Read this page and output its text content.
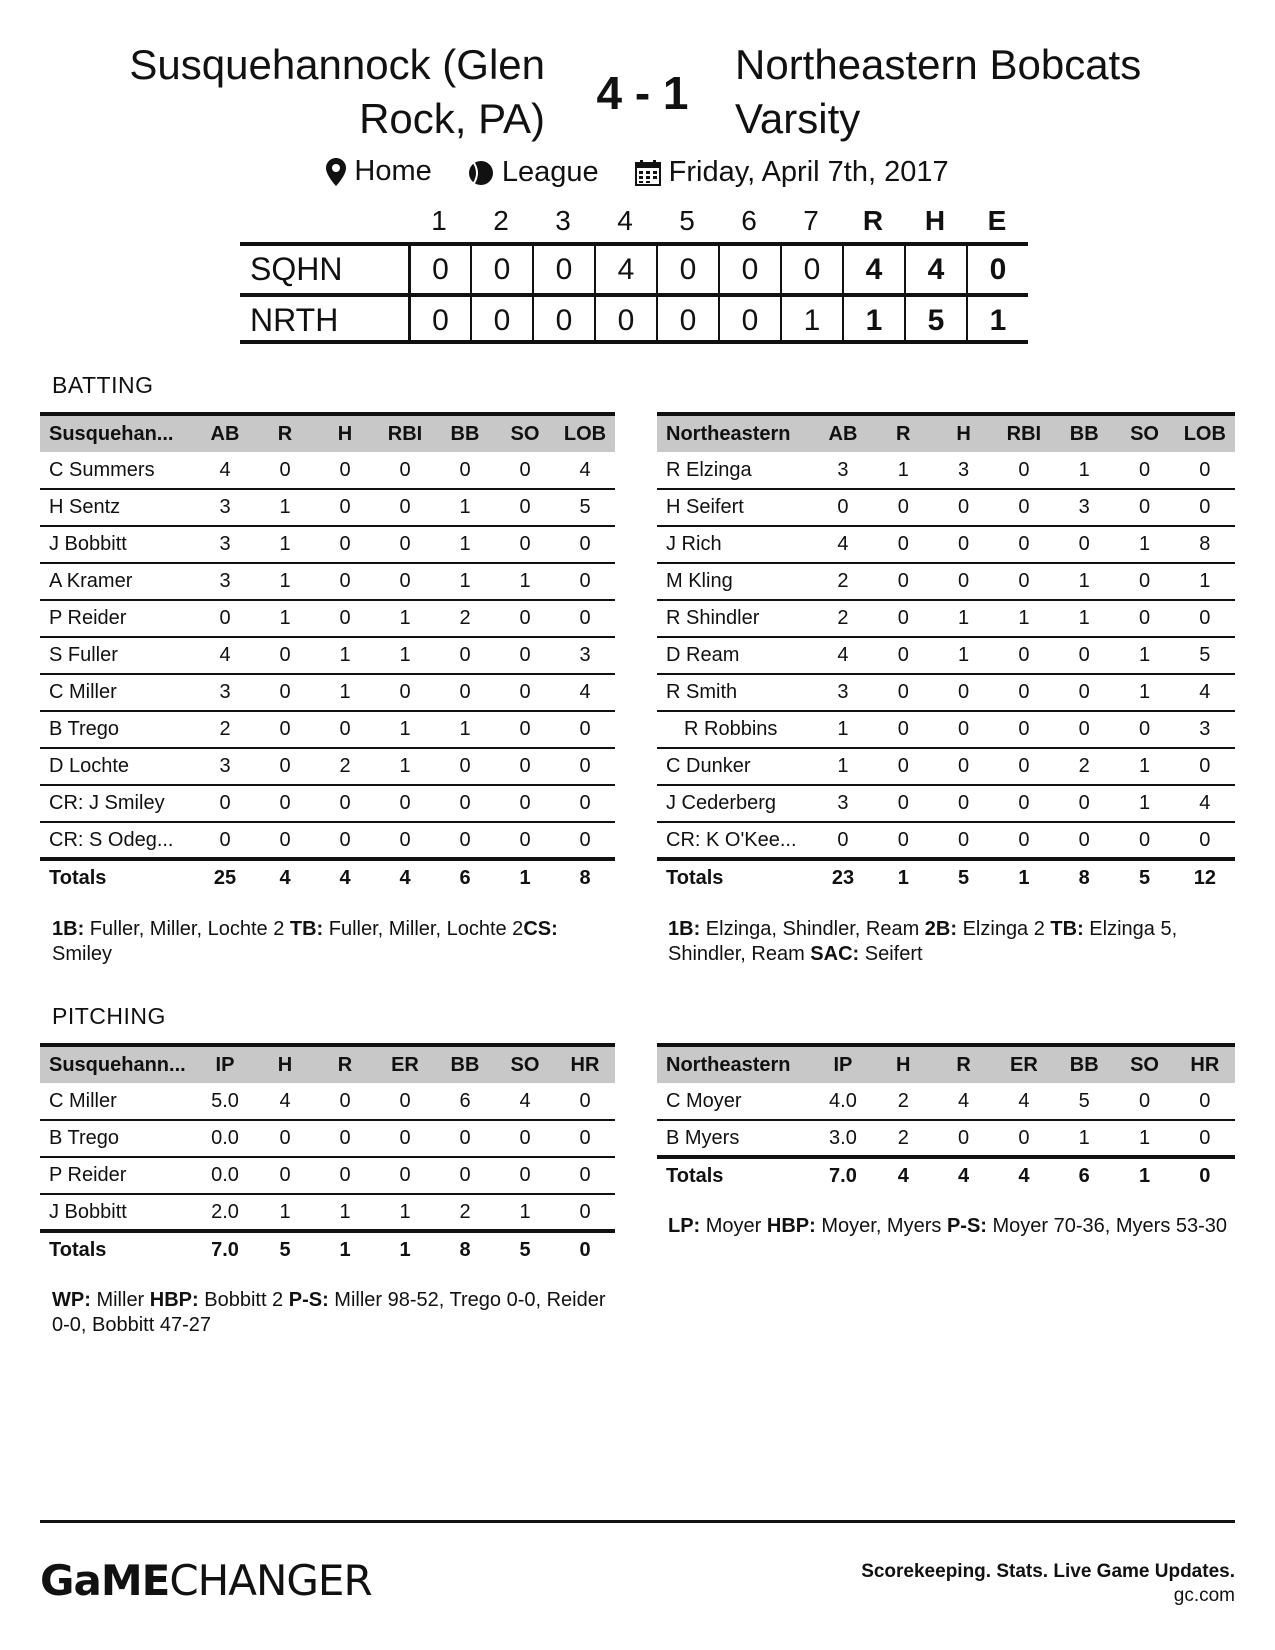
Susquehannock (Glen
Rock, PA)	4 - 1
Northeastern Bobcats
Varsity
Home
League
Friday, April 7th, 2017
1	2	3	4	5	6	7	R	H	E
SQHN	0	0	0	4	0	0	0	4	4	0
NRTH	0	0	0	0	0	0	1	1	5	1
BATTING
Susquehan...	AB	R	H	RBI	BB	SO	LOB
C Summers	4	0	0	0	0	0	4
H Sentz	3	1	0	0	1	0	5
J Bobbitt	3	1	0	0	1	0	0
A Kramer	3	1	0	0	1	1	0
P Reider	0	1	0	1	2	0	0
S Fuller	4	0	1	1	0	0	3
C Miller	3	0	1	0	0	0	4
B Trego	2	0	0	1	1	0	0
D Lochte	3	0	2	1	0	0	0
CR: J Smiley	0	0	0	0	0	0	0
CR: S Odeg...	0	0	0	0	0	0	0
Totals	25	4	4	4	6	1	8
Northeastern	AB	R	H	RBI	BB	SO	LOB
R Elzinga	3	1	3	0	1	0	0
H Seifert	0	0	0	0	3	0	0
J Rich	4	0	0	0	0	1	8
M Kling	2	0	0	0	1	0	1
R Shindler	2	0	1	1	1	0	0
D Ream	4	0	1	0	0	1	5
R Smith	3	0	0	0	0	1	4
R Robbins	1	0	0	0	0	0	3
C Dunker	1	0	0	0	2	1	0
J Cederberg	3	0	0	0	0	1	4
CR: K O'Kee...	0	0	0	0	0	0	0
Totals	23	1	5	1	8	5	12
1B: Fuller, Miller, Lochte 2 TB: Fuller, Miller, Lochte 2CS: Smiley
1B: Elzinga, Shindler, Ream 2B: Elzinga 2 TB: Elzinga 5, Shindler, Ream SAC: Seifert
PITCHING
Susquehann...	IP	H	R	ER	BB	SO	HR
C Miller	5.0	4	0	0	6	4	0
B Trego	0.0	0	0	0	0	0	0
P Reider	0.0	0	0	0	0	0	0
J Bobbitt	2.0	1	1	1	2	1	0
Totals	7.0	5	1	1	8	5	0
Northeastern	IP	H	R	ER	BB	SO	HR
C Moyer	4.0	2	4	4	5	0	0
B Myers	3.0	2	0	0	1	1	0
Totals	7.0	4	4	4	6	1	0
WP: Miller HBP: Bobbitt 2 P-S: Miller 98-52, Trego 0-0, Reider 0-0, Bobbitt 47-27
LP: Moyer HBP: Moyer, Myers P-S: Moyer 70-36, Myers 53-30
GaMECHANGER	Scorekeeping. Stats. Live Game Updates.
gc.com
